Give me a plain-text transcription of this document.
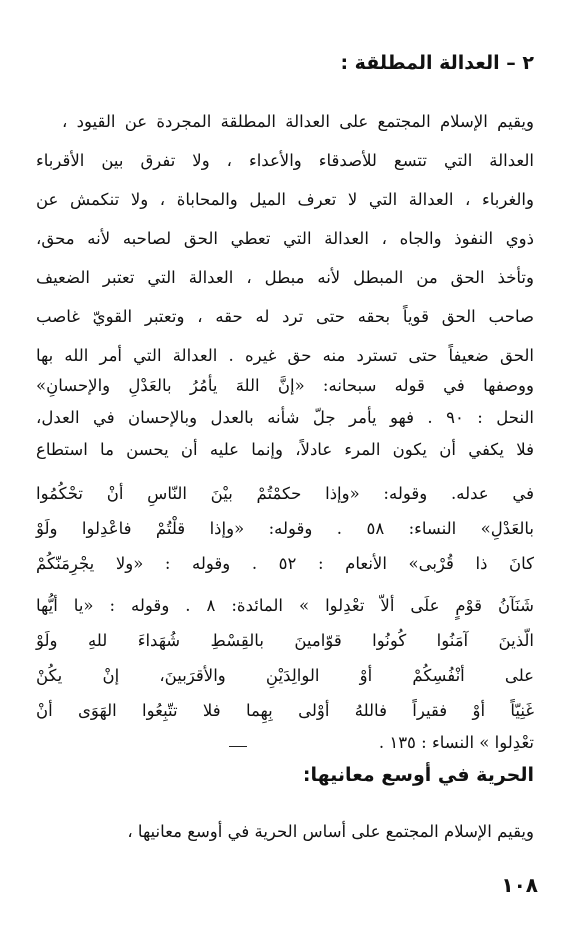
٢ – العدالة المطلقة :
ويقيم الإسلام المجتمع على العدالة المطلقة المجردة عن القيود ،
العدالة التي تتسع للأصدقاء والأعداء ، ولا تفرق بين الأقرباء
والغرباء ، العدالة التي لا تعرف الميل والمحاباة ، ولا تنكمش عن
ذوي النفوذ والجاه ، العدالة التي تعطي الحق لصاحبه لأنه محق،
وتأخذ الحق من المبطل لأنه مبطل ، العدالة التي تعتبر الضعيف
صاحب الحق قوياً بحقه حتى ترد له حقه ، وتعتبر القويّ غاصب
الحق ضعيفاً حتى تسترد منه حق غيره . العدالة التي أمر الله بها
ووصفها في قوله سبحانه: «إنَّ اللهَ يأمُرُ بالعَدْلِ والإحسانِ»
النحل : ٩٠ . فهو يأمر جلّ شأنه بالعدل وبالإحسان في العدل،
فلا يكفي أن يكون المرء عادلاً، وإنما عليه أن يحسن ما استطاع
في عدله. وقوله: «وإذا حكمْتُمْ بيْنَ النّاسِ أنْ تحْكُمُوا
بالعَدْلِ» النساء: ٥٨ . وقوله: «وإذا قلْتُمْ فاعْدِلوا ولَوْ
كانَ ذا قُرْبى» الأنعام : ٥٢ . وقوله : «ولا يجْرِمَنّكُمْ
شَنَآنُ قوْمٍ علَى ألاّ تعْدِلوا » المائدة: ٨ . وقوله : «يا أيُّها
الّذينَ آمَنُوا كُونُوا قوّامينَ بالقِسْطِ شُهَداءَ للهِ ولَوْ
على أنْفُسِكُمْ أوْ الوالِدَيْنِ والأقرَبينَ، إنْ يكُنْ
غَنِيّاً أوْ فقيراً فاللهُ أوْلى بِهِما فلا تتّبِعُوا الهَوَى أنْ
تعْدِلوا » النساء : ١٣٥ .
الحرية في أوسع معانيها:
ويقيم الإسلام المجتمع على أساس الحرية في أوسع معانيها ،
١٠٨
